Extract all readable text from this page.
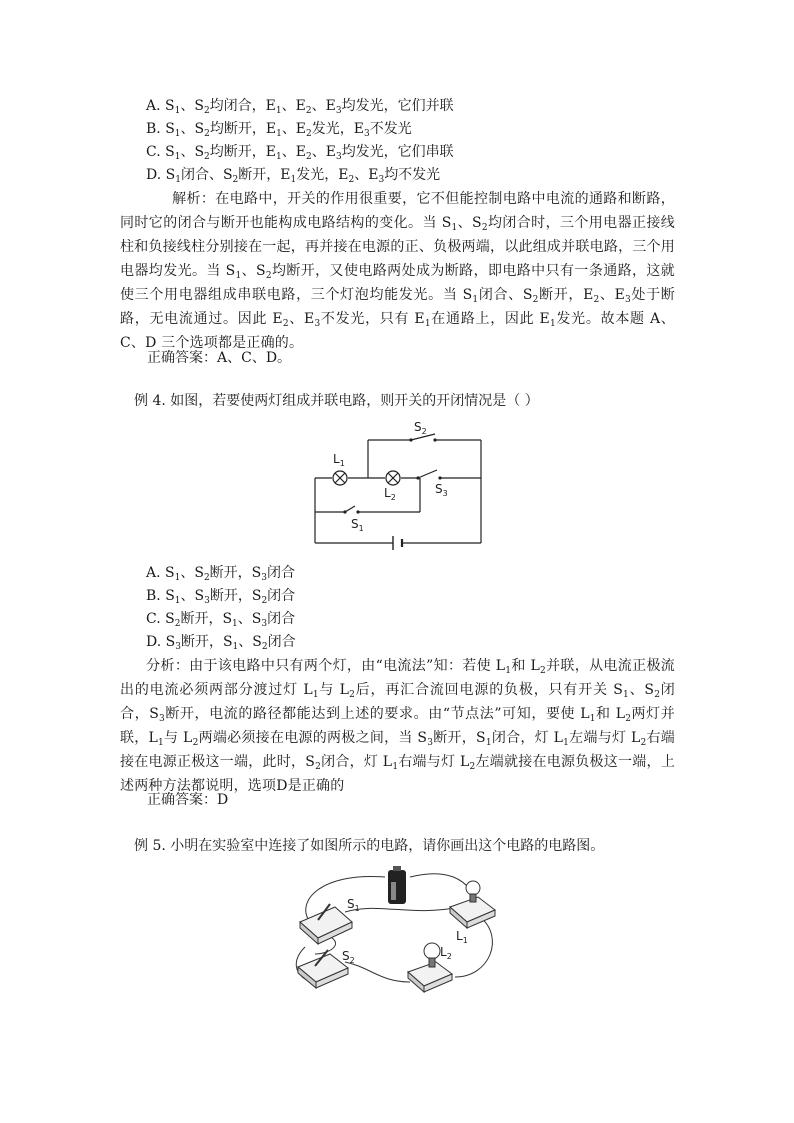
A. $S_1$、$S_2$均闭合，$E_1$、$E_2$、$E_3$均发光，它们并联
B. $S_1$、$S_2$均断开，$E_1$、$E_2$发光，$E_3$不发光
C. $S_1$、$S_2$均断开，$E_1$、$E_2$、$E_3$均发光，它们串联
D. $S_1$闭合、$S_2$断开，$E_1$发光，$E_2$、$E_3$均不发光
解析：在电路中，开关的作用很重要，它不但能控制电路中电流的通路和断路，同时它的闭合与断开也能构成电路结构的变化。当 $S_1$、$S_2$均闭合时，三个用电器正接线柱和负接线柱分别接在一起，再并接在电源的正、负极两端，以此组成并联电路，三个用电器均发光。当 $S_1$、$S_2$均断开，又使电路两处成为断路，即电路中只有一条通路，这就使三个用电器组成串联电路，三个灯泡均能发光。当 $S_1$闭合、$S_2$断开，$E_2$、$E_3$处于断路，无电流通过。因此 $E_2$、$E_3$不发光，只有 $E_1$在通路上，因此 $E_1$发光。故本题 A、C、D 三个选项都是正确的。
正确答案：A、C、D。
例 4. 如图，若要使两灯组成并联电路，则开关的开闭情况是（ ）
$S_2$
$L_1$
$L_2$
$S_3$
$S_1$
A. $S_1$、$S_2$断开，$S_3$闭合
B. $S_1$、$S_3$断开，$S_2$闭合
C. $S_2$断开，$S_1$、$S_3$闭合
D. $S_3$断开，$S_1$、$S_2$闭合
分析：由于该电路中只有两个灯，由“电流法”知：若使 $L_1$和 $L_2$并联，从电流正极流出的电流必须两部分渡过灯 $L_1$与 $L_2$后，再汇合流回电源的负极，只有开关 $S_1$、$S_2$闭合，$S_3$断开，电流的路径都能达到上述的要求。由“节点法”可知，要使 $L_1$和 $L_2$两灯并联，$L_1$与 $L_2$两端必须接在电源的两极之间，当 $S_3$断开，$S_1$闭合，灯 $L_1$左端与灯 $L_2$右端接在电源正极这一端，此时，$S_2$闭合，灯 $L_1$右端与灯 $L_2$左端就接在电源负极这一端，上述两种方法都说明，选项D是正确的
正确答案：D
例 5. 小明在实验室中连接了如图所示的电路，请你画出这个电路的电路图。
$S_1$
$L_1$
$S_2$
$L_2$
